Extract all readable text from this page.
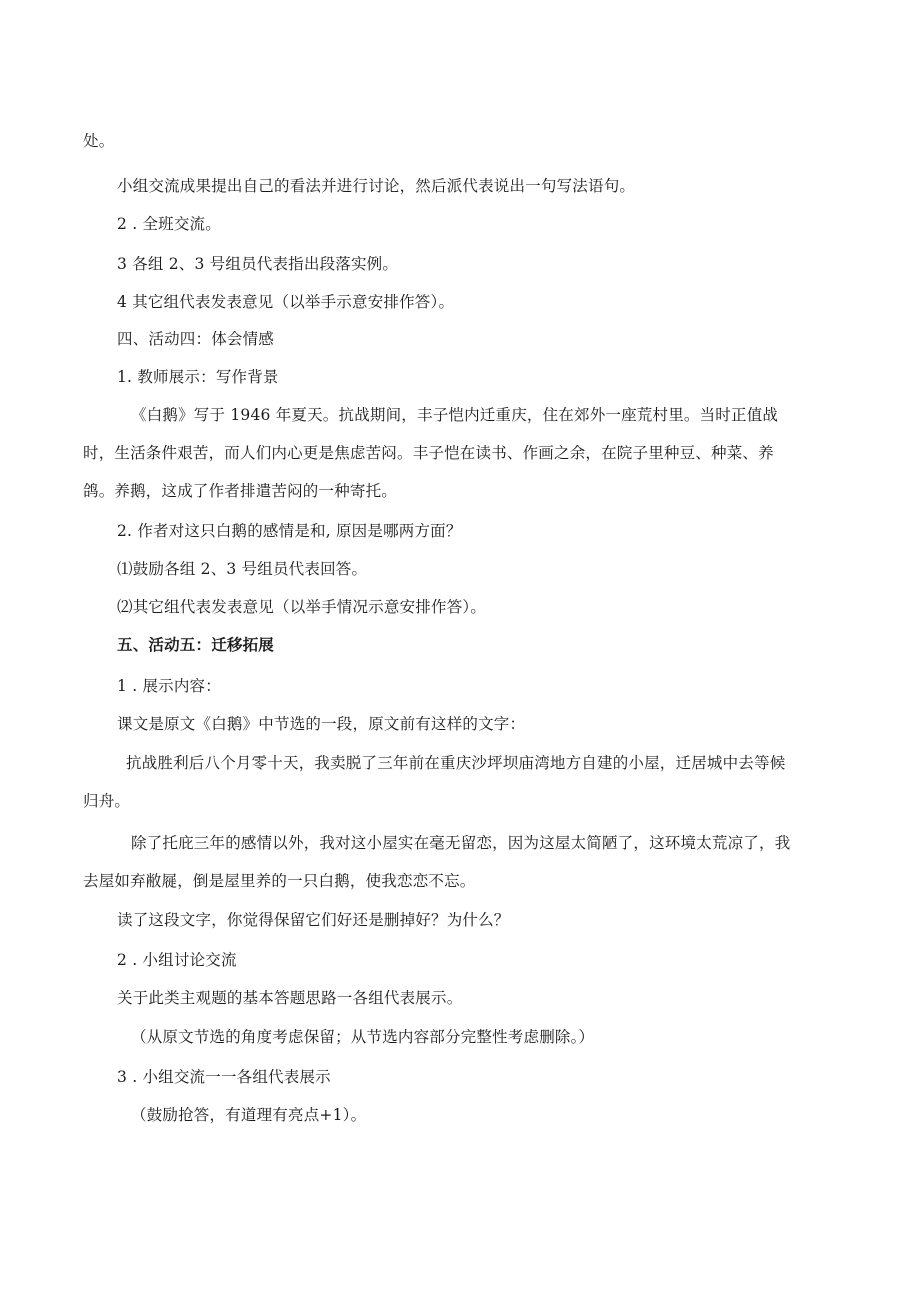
处。
小组交流成果提出自己的看法并进行讨论，然后派代表说出一句写法语句。
2 . 全班交流。
3 各组 2、3 号组员代表指出段落实例。
4 其它组代表发表意见（以举手示意安排作答）。
四、活动四：体会情感
1. 教师展示：写作背景
《白鹅》写于 1946 年夏天。抗战期间，丰子恺内迁重庆，住在郊外一座荒村里。当时正值战
时，生活条件艰苦，而人们内心更是焦虑苦闷。丰子恺在读书、作画之余，在院子里种豆、种菜、养
鸽。养鹅，这成了作者排遣苦闷的一种寄托。
2. 作者对这只白鹅的感情是和, 原因是哪两方面？
⑴鼓励各组 2、3 号组员代表回答。
⑵其它组代表发表意见（以举手情况示意安排作答）。
五、活动五：迁移拓展
1 . 展示内容：
课文是原文《白鹅》中节选的一段，原文前有这样的文字：
抗战胜利后八个月零十天，我卖脱了三年前在重庆沙坪坝庙湾地方自建的小屋，迁居城中去等候
归舟。
除了托庇三年的感情以外，我对这小屋实在毫无留恋，因为这屋太简陋了，这环境太荒凉了，我
去屋如弃敝屣，倒是屋里养的一只白鹅，使我恋恋不忘。
读了这段文字，你觉得保留它们好还是删掉好？为什么？
2 . 小组讨论交流
关于此类主观题的基本答题思路一各组代表展示。
（从原文节选的角度考虑保留；从节选内容部分完整性考虑删除。）
3 . 小组交流一一各组代表展示
（鼓励抢答，有道理有亮点+1）。
